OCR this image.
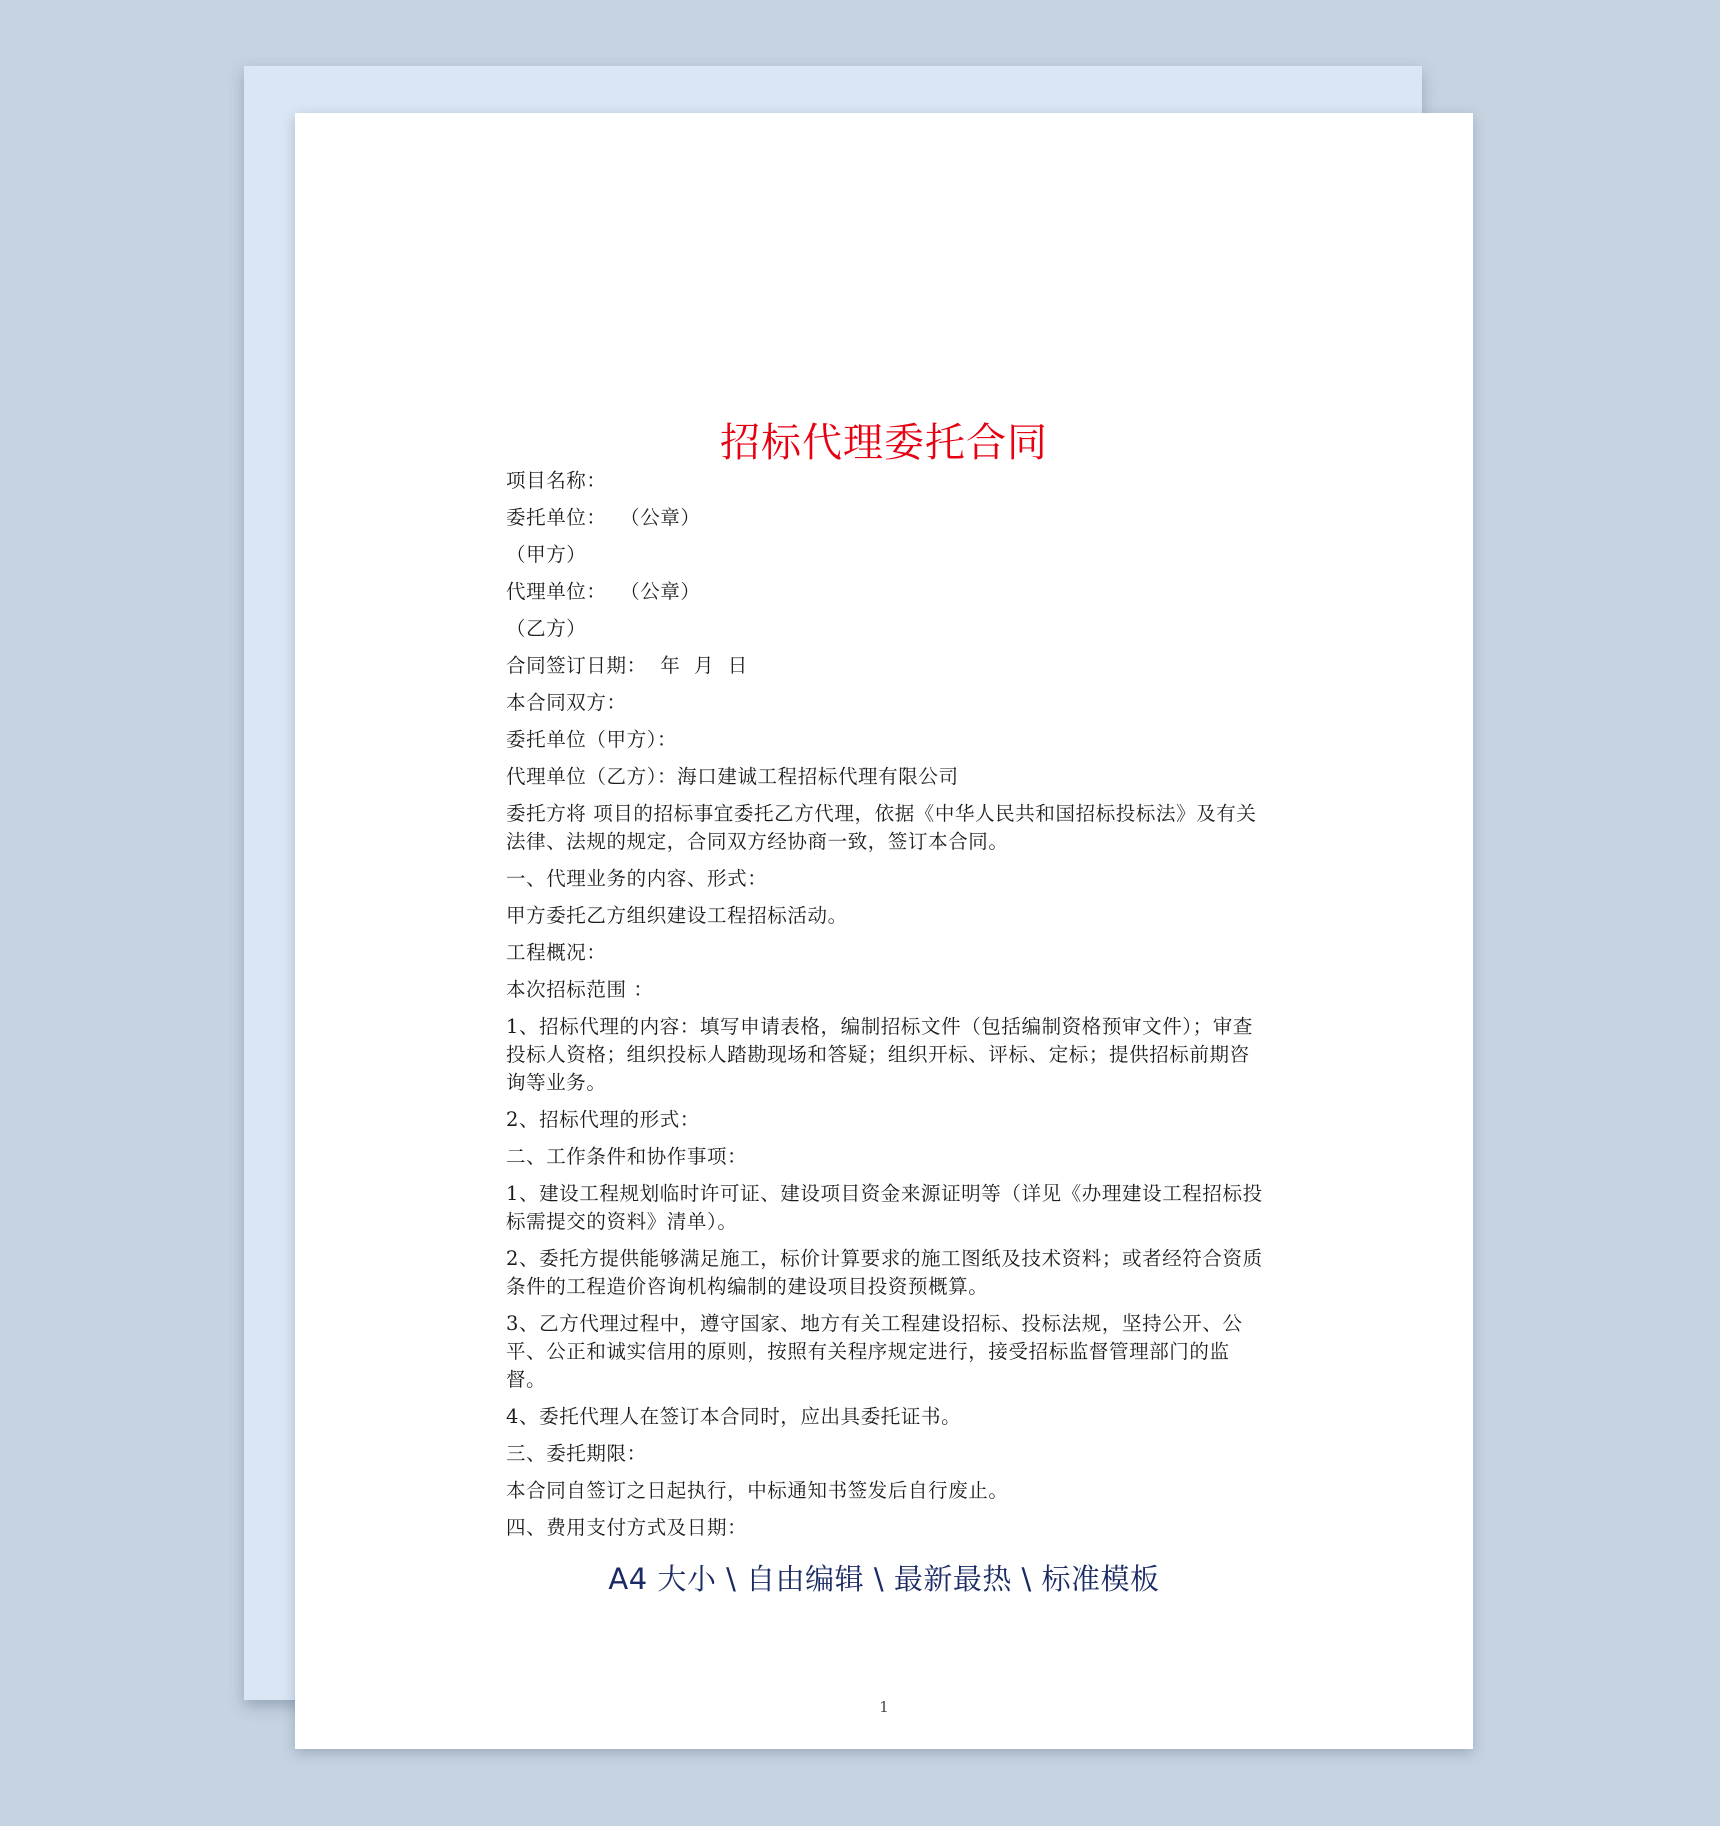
招标代理委托合同

项目名称：

委托单位：  （公章）

（甲方）

代理单位：  （公章）

（乙方）

合同签订日期：  年  月  日

本合同双方：

委托单位（甲方）：

代理单位（乙方）：海口建诚工程招标代理有限公司

委托方将 项目的招标事宜委托乙方代理，依据《中华人民共和国招标投标法》及有关法律、法规的规定，合同双方经协商一致，签订本合同。

一、代理业务的内容、形式：

甲方委托乙方组织建设工程招标活动。

工程概况：

本次招标范围 ：

1、招标代理的内容：填写申请表格，编制招标文件（包括编制资格预审文件）；审查投标人资格；组织投标人踏勘现场和答疑；组织开标、评标、定标；提供招标前期咨询等业务。

2、招标代理的形式：

二、工作条件和协作事项：

1、建设工程规划临时许可证、建设项目资金来源证明等（详见《办理建设工程招标投标需提交的资料》清单）。

2、委托方提供能够满足施工，标价计算要求的施工图纸及技术资料；或者经符合资质条件的工程造价咨询机构编制的建设项目投资预概算。

3、乙方代理过程中，遵守国家、地方有关工程建设招标、投标法规，坚持公开、公平、公正和诚实信用的原则，按照有关程序规定进行，接受招标监督管理部门的监督。

4、委托代理人在签订本合同时，应出具委托证书。

三、委托期限：

本合同自签订之日起执行，中标通知书签发后自行废止。

四、费用支付方式及日期：

A4 大小 \ 自由编辑 \ 最新最热 \ 标准模板
1
